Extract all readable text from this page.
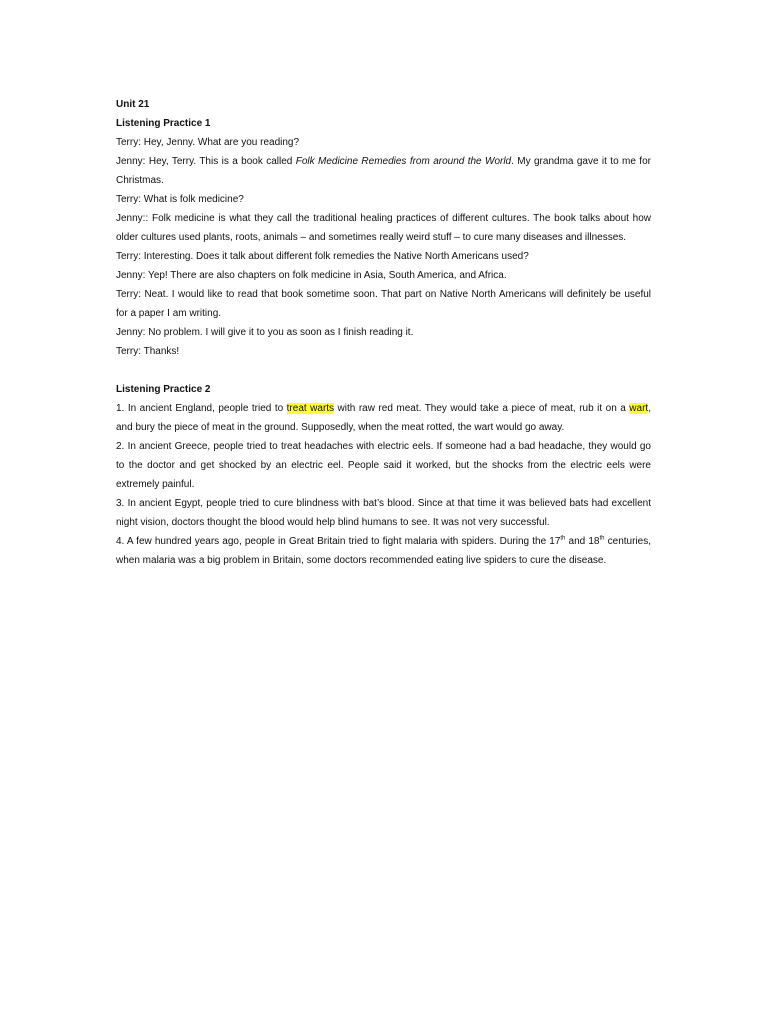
Unit 21

Listening Practice 1

Terry: Hey, Jenny. What are you reading?

Jenny: Hey, Terry. This is a book called Folk Medicine Remedies from around the World. My grandma gave it to me for Christmas.

Terry: What is folk medicine?

Jenny:: Folk medicine is what they call the traditional healing practices of different cultures. The book talks about how older cultures used plants, roots, animals – and sometimes really weird stuff – to cure many diseases and illnesses.

Terry: Interesting. Does it talk about different folk remedies the Native North Americans used?

Jenny: Yep! There are also chapters on folk medicine in Asia, South America, and Africa.

Terry: Neat. I would like to read that book sometime soon. That part on Native North Americans will definitely be useful for a paper I am writing.

Jenny: No problem. I will give it to you as soon as I finish reading it.

Terry: Thanks!

Listening Practice 2

1. In ancient England, people tried to treat warts with raw red meat. They would take a piece of meat, rub it on a wart, and bury the piece of meat in the ground. Supposedly, when the meat rotted, the wart would go away.

2. In ancient Greece, people tried to treat headaches with electric eels. If someone had a bad headache, they would go to the doctor and get shocked by an electric eel. People said it worked, but the shocks from the electric eels were extremely painful.

3. In ancient Egypt, people tried to cure blindness with bat’s blood. Since at that time it was believed bats had excellent night vision, doctors thought the blood would help blind humans to see. It was not very successful.

4. A few hundred years ago, people in Great Britain tried to fight malaria with spiders. During the 17th and 18th centuries, when malaria was a big problem in Britain, some doctors recommended eating live spiders to cure the disease.
